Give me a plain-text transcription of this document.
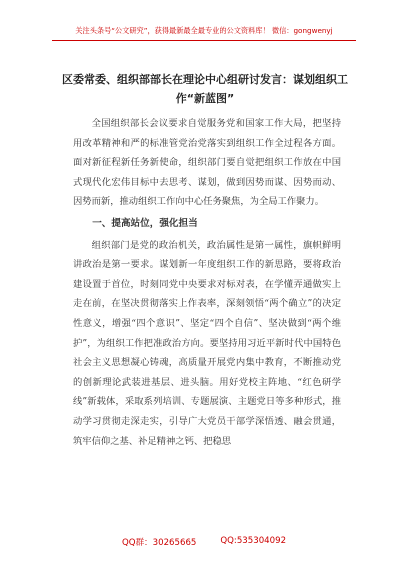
关注头条号“公文研究”，获得最新最全最专业的公文资料库！ 微信：gongwenyj
区委常委、组织部部长在理论中心组研讨发言：谋划组织工作“新蓝图”

全国组织部长会议要求自觉服务党和国家工作大局，把坚持用改革精神和严的标准管党治党落实到组织工作全过程各方面。面对新征程新任务新使命，组织部门要自觉把组织工作放在中国式现代化宏伟目标中去思考、谋划，做到因势而谋、因势而动、因势而新，推动组织工作向中心任务聚焦，为全局工作聚力。

一、提高站位，强化担当

组织部门是党的政治机关，政治属性是第一属性，旗帜鲜明讲政治是第一要求。谋划新一年度组织工作的新思路，要将政治建设置于首位，时刻同党中央要求对标对表，在学懂弄通做实上走在前，在坚决贯彻落实上作表率，深刻领悟“两个确立”的决定性意义，增强“四个意识”、坚定“四个自信”、坚决做到“两个维护”，为组织工作把准政治方向。要坚持用习近平新时代中国特色社会主义思想凝心铸魂，高质量开展党内集中教育，不断推动党的创新理论武装进基层、进头脑。用好党校主阵地、“红色研学线”新载体，采取系列培训、专题展演、主题党日等多种形式，推动学习贯彻走深走实，引导广大党员干部学深悟透、融会贯通，筑牢信仰之基、补足精神之钙、把稳思

QQ群：30265665	QQ:535304092
